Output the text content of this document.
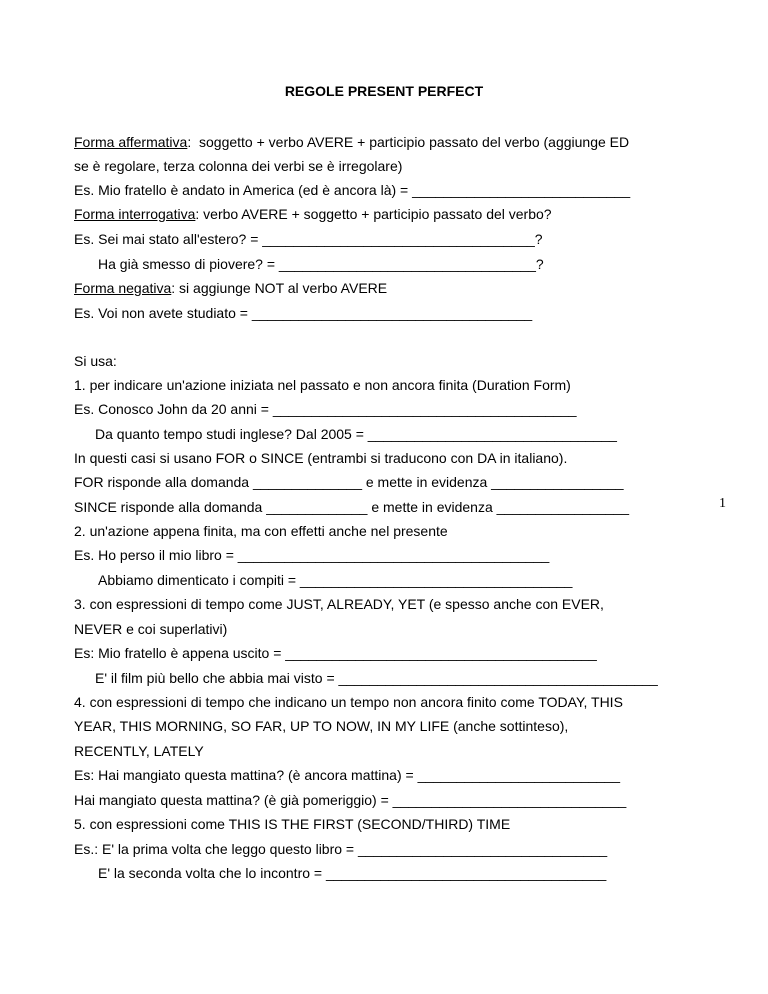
REGOLE PRESENT PERFECT
Forma affermativa:  soggetto + verbo AVERE + participio passato del verbo (aggiunge ED
se è regolare, terza colonna dei verbi se è irregolare)
Es. Mio fratello è andato in America (ed è ancora là) = ____________________________
Forma interrogativa: verbo AVERE + soggetto + participio passato del verbo?
Es. Sei mai stato all'estero? = ___________________________________?
Ha già smesso di piovere? = _________________________________?
Forma negativa: si aggiunge NOT al verbo AVERE
Es. Voi non avete studiato = ____________________________________
Si usa:
1. per indicare un'azione iniziata nel passato e non ancora finita (Duration Form)
Es. Conosco John da 20 anni = _______________________________________
Da quanto tempo studi inglese? Dal 2005 = ________________________________
In questi casi si usano FOR o SINCE (entrambi si traducono con DA in italiano).
FOR risponde alla domanda ______________ e mette in evidenza _________________
SINCE risponde alla domanda _____________ e mette in evidenza _________________
2. un'azione appena finita, ma con effetti anche nel presente
Es. Ho perso il mio libro = ________________________________________
Abbiamo dimenticato i compiti = ___________________________________
3. con espressioni di tempo come JUST, ALREADY, YET (e spesso anche con EVER,
NEVER e coi superlativi)
Es: Mio fratello è appena uscito = ________________________________________
E' il film più bello che abbia mai visto = _________________________________________
4. con espressioni di tempo che indicano un tempo non ancora finito come TODAY, THIS
YEAR, THIS MORNING, SO FAR, UP TO NOW, IN MY LIFE (anche sottinteso),
RECENTLY, LATELY
Es: Hai mangiato questa mattina? (è ancora mattina) = __________________________
Hai mangiato questa mattina? (è già pomeriggio) = ______________________________
5. con espressioni come THIS IS THE FIRST (SECOND/THIRD) TIME
Es.: E' la prima volta che leggo questo libro = ________________________________
E' la seconda volta che lo incontro = ____________________________________
1
